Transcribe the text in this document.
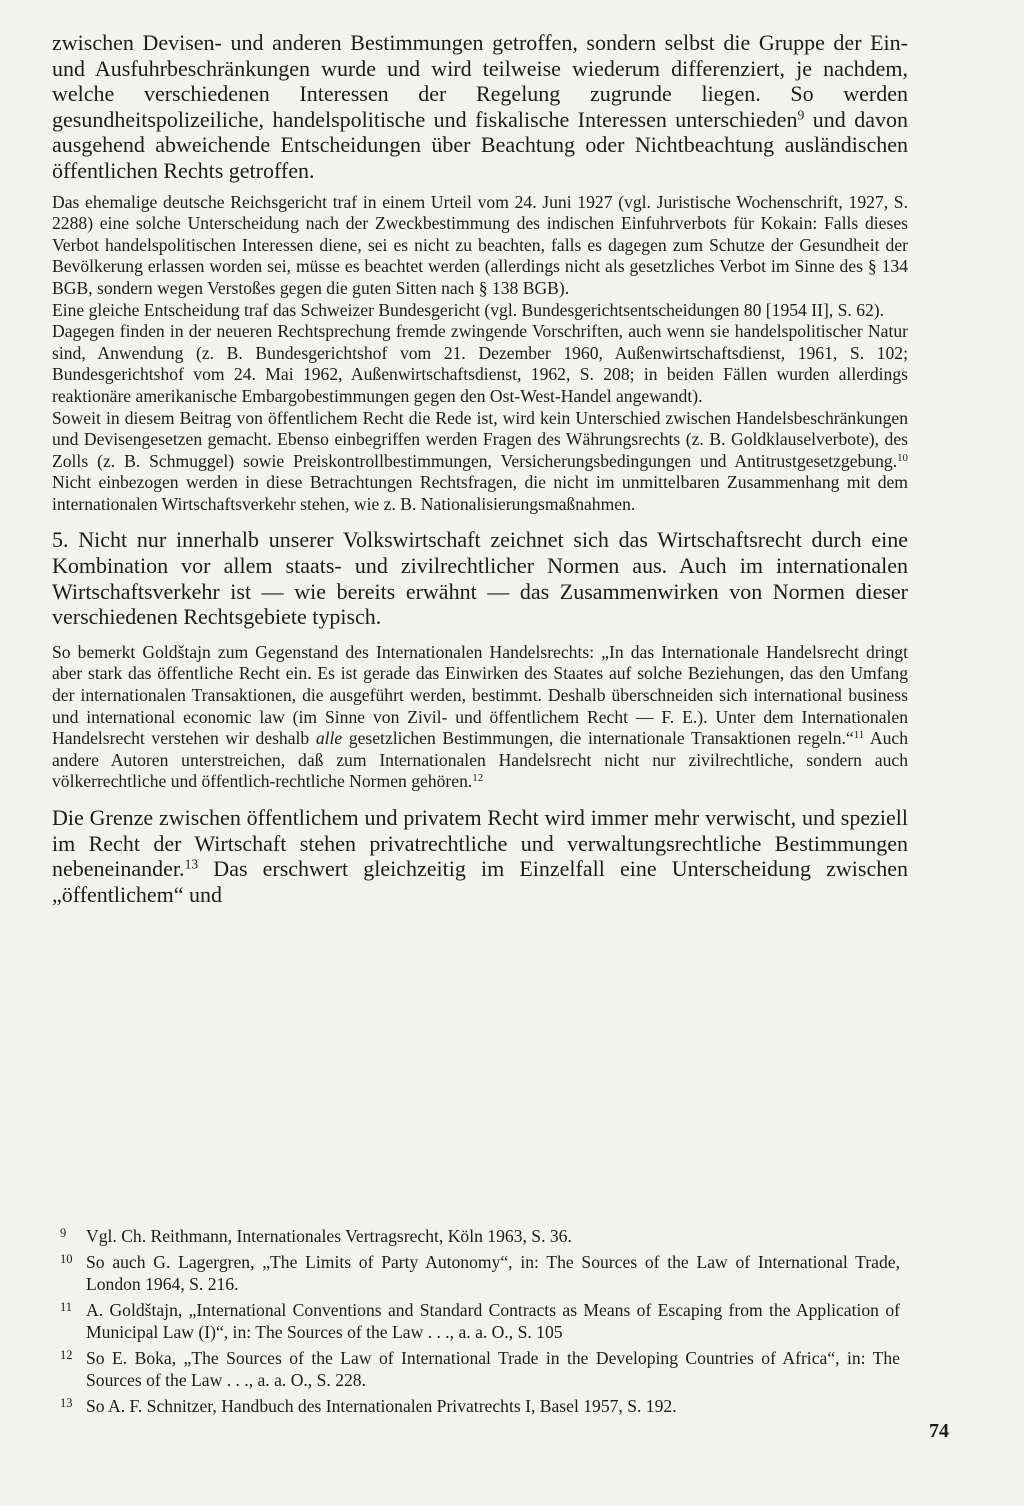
zwischen Devisen- und anderen Bestimmungen getroffen, sondern selbst die Gruppe der Ein- und Ausfuhrbeschränkungen wurde und wird teilweise wiederum differenziert, je nachdem, welche verschiedenen Interessen der Regelung zugrunde liegen. So werden gesundheitspolizeiliche, handelspolitische und fiskalische Interessen unterschieden$^9$ und davon ausgehend abweichende Entscheidungen über Beachtung oder Nichtbeachtung ausländischen öffentlichen Rechts getroffen.

Das ehemalige deutsche Reichsgericht traf in einem Urteil vom 24. Juni 1927 (vgl. Juristische Wochenschrift, 1927, S. 2288) eine solche Unterscheidung nach der Zweckbestimmung des indischen Einfuhrverbots für Kokain: Falls dieses Verbot handelspolitischen Interessen diene, sei es nicht zu beachten, falls es dagegen zum Schutze der Gesundheit der Bevölkerung erlassen worden sei, müsse es beachtet werden (allerdings nicht als gesetzliches Verbot im Sinne des § 134 BGB, sondern wegen Verstoßes gegen die guten Sitten nach § 138 BGB).

Eine gleiche Entscheidung traf das Schweizer Bundesgericht (vgl. Bundesgerichtsentscheidungen 80 [1954 II], S. 62).

Dagegen finden in der neueren Rechtsprechung fremde zwingende Vorschriften, auch wenn sie handelspolitischer Natur sind, Anwendung (z. B. Bundesgerichtshof vom 21. Dezember 1960, Außenwirtschaftsdienst, 1961, S. 102; Bundesgerichtshof vom 24. Mai 1962, Außenwirtschaftsdienst, 1962, S. 208; in beiden Fällen wurden allerdings reaktionäre amerikanische Embargobestimmungen gegen den Ost-West-Handel angewandt).

Soweit in diesem Beitrag von öffentlichem Recht die Rede ist, wird kein Unterschied zwischen Handelsbeschränkungen und Devisengesetzen gemacht. Ebenso einbegriffen werden Fragen des Währungsrechts (z. B. Goldklauselverbote), des Zolls (z. B. Schmuggel) sowie Preiskontrollbestimmungen, Versicherungsbedingungen und Antitrustgesetzgebung.$^{10}$ Nicht einbezogen werden in diese Betrachtungen Rechtsfragen, die nicht im unmittelbaren Zusammenhang mit dem internationalen Wirtschaftsverkehr stehen, wie z. B. Nationalisierungsmaßnahmen.

5. Nicht nur innerhalb unserer Volkswirtschaft zeichnet sich das Wirtschaftsrecht durch eine Kombination vor allem staats- und zivilrechtlicher Normen aus. Auch im internationalen Wirtschaftsverkehr ist — wie bereits erwähnt — das Zusammenwirken von Normen dieser verschiedenen Rechtsgebiete typisch.

So bemerkt Goldštajn zum Gegenstand des Internationalen Handelsrechts: „In das Internationale Handelsrecht dringt aber stark das öffentliche Recht ein. Es ist gerade das Einwirken des Staates auf solche Beziehungen, das den Umfang der internationalen Transaktionen, die ausgeführt werden, bestimmt. Deshalb überschneiden sich international business und international economic law (im Sinne von Zivil- und öffentlichem Recht — F. E.). Unter dem Internationalen Handelsrecht verstehen wir deshalb alle gesetzlichen Bestimmungen, die internationale Transaktionen regeln.“$^{11}$ Auch andere Autoren unterstreichen, daß zum Internationalen Handelsrecht nicht nur zivilrechtliche, sondern auch völkerrechtliche und öffentlich-rechtliche Normen gehören.$^{12}$

Die Grenze zwischen öffentlichem und privatem Recht wird immer mehr verwischt, und speziell im Recht der Wirtschaft stehen privatrechtliche und verwaltungsrechtliche Bestimmungen nebeneinander.$^{13}$ Das erschwert gleichzeitig im Einzelfall eine Unterscheidung zwischen „öffentlichem“ und

9	Vgl. Ch. Reithmann, Internationales Vertragsrecht, Köln 1963, S. 36.
10 So auch G. Lagergren, „The Limits of Party Autonomy“, in: The Sources of the Law of International Trade, London 1964, S. 216.
11 A. Goldštajn, „International Conventions and Standard Contracts as Means of Escaping from the Application of Municipal Law (I)“, in: The Sources of the Law . . ., a. a. O., S. 105
12 So E. Boka, „The Sources of the Law of International Trade in the Developing Countries of Africa“, in: The Sources of the Law . . ., a. a. O., S. 228.
13 So A. F. Schnitzer, Handbuch des Internationalen Privatrechts I, Basel 1957, S. 192.
74
